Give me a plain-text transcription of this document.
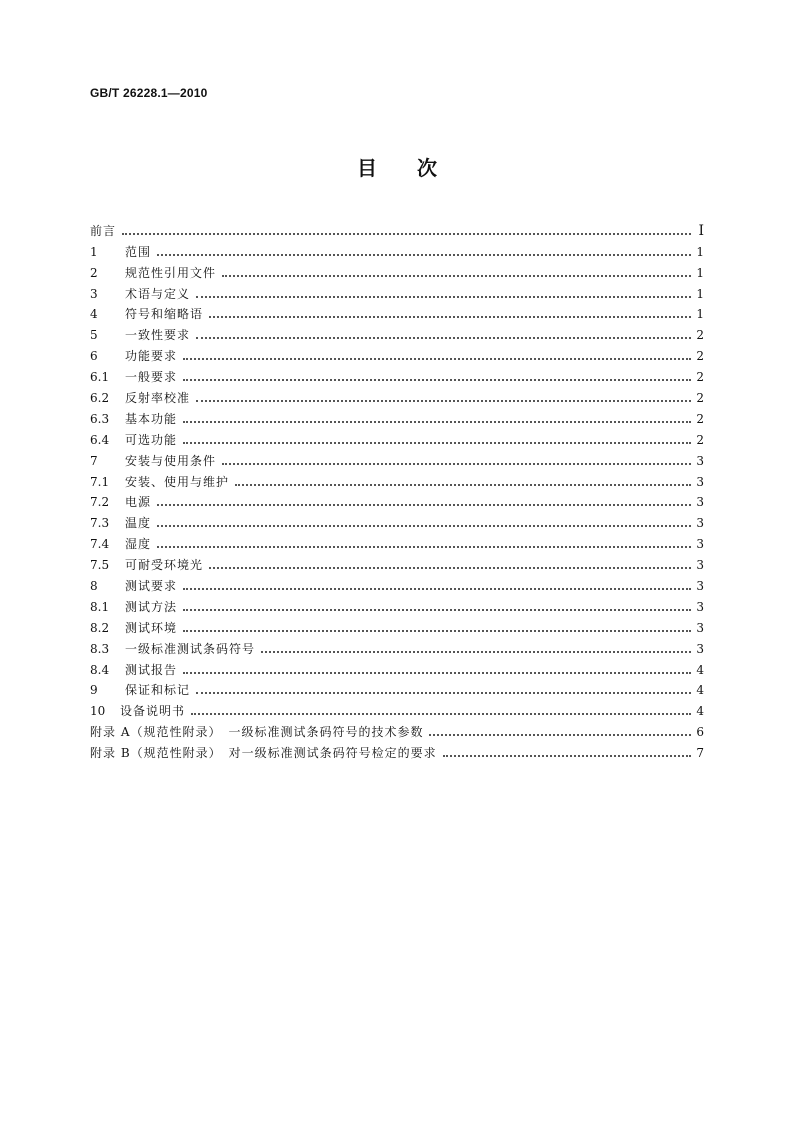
GB/T 26228.1—2010
目　　次
前言	Ⅰ
1	范围	1
2	规范性引用文件	1
3	术语与定义	1
4	符号和缩略语	1
5	一致性要求	2
6	功能要求	2
6.1	一般要求	2
6.2	反射率校准	2
6.3	基本功能	2
6.4	可选功能	2
7	安装与使用条件	3
7.1	安装、使用与维护	3
7.2	电源	3
7.3	温度	3
7.4	湿度	3
7.5	可耐受环境光	3
8	测试要求	3
8.1	测试方法	3
8.2	测试环境	3
8.3	一级标准测试条码符号	3
8.4	测试报告	4
9	保证和标记	4
10	设备说明书	4
附录 A（规范性附录）　一级标准测试条码符号的技术参数	6
附录 B（规范性附录）　对一级标准测试条码符号检定的要求	7
